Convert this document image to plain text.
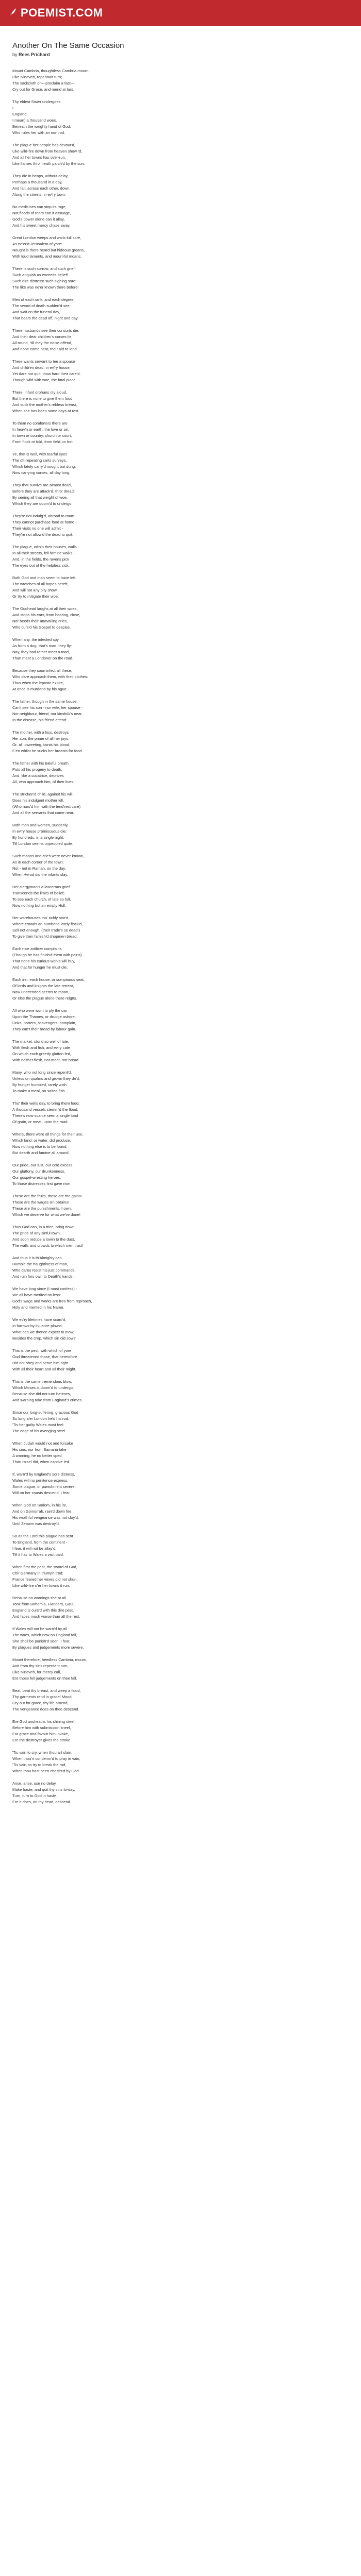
POEMIST.COM
Another On The Same Occasion
by Rees Prichard
Mount Cambria, thoughtless Cambria mourn,
Like Nineveh, repentant turn;
The sackcloth on—proclaim a fast—
Cry out for Grace, and mend at last.
Thy eldest Sister undergoes
I
England
I mean) a thousand woes.
Beneath the weighty hand of God,
Who rules her with an iron rod.
The plague her people has devour'd,
Like wild-fire down from heaven show'rd,
And all her towns has over-run,
Like flames thro' heath parch'd by the sun.
They die in heaps, without delay,
Perhaps a thousand in a day,
And fall, across each other, down,
Along the streets, in ev'ry town.
No medicines can stop its rage,
Not floods of tears can it assuage,
God's power alone can it allay,
And his sweet mercy chase away.
Great London weeps and wails full sore,
As ne'er'd Jerusalem of yore:
Nought is there heard but hideous groans,
With loud laments, and mournful moans.
There is such sorrow, and such grief!
Such anguish as exceeds belief!
Such dire distress! such sighing sore!
The like was ne'er known there before!
Men of each rank, and each degree,
The sword of death sudden'd see;
And wait on the funeral day,
That bears the dead off, night and day.
There husbands see their consorts die,
And their dear children's corses lie
All round, 'till they the noise offend,
And none come near, their aid to lend.
There wants servant to tee a spouse
And children dead, in ev'ry house;
Yet dare not quit, thow hard their care'd.
Though wild with woe, the fatal place.
There, infant orphans cry aloud,
But there is none to give them food,
And suck the mother's rebless breast,
When she has been some days at rest.
To them no comforters there are
In heav'n or earth; the love or air,
In town or country, church or court,
From flock or fold, from field, or fort.
Ye, that is well, with tearful eyes
The oft-repeating carts surveys,
Which lately carry'd nought but dung,
Now carrying corses, all day long.
They that survive are almost dead,
Before they are attack'd, thro' dread;
By seeing all that weight of woe,
Which they are doom'd to undergo.
They're not indulg'd, abroad to roam -
They cannot purchase food at home -
Their visits no one will admit -
They're not allow'd the dead to quit.
The plague, within their houses, walls -
In all their streets, fell famine walks -
And, in the fields, the ravens pick
The eyes out of the helpless sick.
Both God and man seem to have left
The wretches of all hopes bereft,
And will not any pity show,
Or try to mitigate their woe.
The Godhead laughs at all their woes,
And stops his ears, from hearing, close,
Nor heeds their unavailing cries,
Who curs'd his Gospel to despise.
When any, the infected spy,
As from a dog, that's mad, they fly:
Nay, they had rather meet a toad,
Than meet a Londoner on the road.
Because they soon infect all these,
Who dare approach them, with their clothes:
Thus when the leprotic expire,
At once is murder'd by his ague.
The father, though in the same house,
Can't see his son - nor wife, her spouse -
Nor neighbour, friend, nor kinsfolk's near,
In the disease, his friend attend.
The mother, with a kiss, destroys
Her son, the prime of all her joys,
Or, all unweeting, taints his blood,
E'en whilst he sucks her breasts for food.
The father with his baleful breath
Puts all his progeny to death,
And, like a cocatrice, deprives
All, who approach him, of their lives.
The stricken'd child, against his will,
Does his indulgent mother kill,
(Who nurs'd him with the tend'rest care)
And all the servants that come near.
Both men and women, suddenly,
In ev'ry house promiscuous die:
By hundreds, in a single night,
Till London seems unpeopled quite.
Such moans and cries were never known,
As in each corner of the town;
Not - not in Ramah, on the day,
When Herod did the infants slay.
Her clergyman's a lascerous grief
Transcends the limits of belief;
To see each church, of late so full,
Now nothing but an empty Hull.
Her warehouses tho' richly stor'd,
Where crowds an number'd lately flock'd,
Sell not enough, (their trade's so dead!)
To give their famish'd shopmen bread.
Each nice artificer complains
(Though he has finish'd them with pains)
That none his curious works will buy,
And that for hunger he must die.
Each inn, each house, or sumptuous seat,
Of lords and knights the late retreat,
Now unattended seems to moan,
Or else the plague alone there reigns.
All who were wont to ply the oar
Upon the Thames, or drudge ashore,
Links, porters, scavengers, complain,
They can't their bread by labour gain.
The market, stor'd so well of late,
With flesh and fish, and ev'ry cate
On which each greedy glutton fed,
With neither flesh, nor meat, nor bread.
Many, who not long since repent'd,
Unless on qualms and grown they dn'd;
By hunger humbled, rarely wish
To make a meal, on salted fish.
Tho' their wells day, to bring them food,
A thousand vessels stemm'd the flood;
There's now scarce seen a single load
Of grain, or meat, upon the road.
Where, there were all things for their use,
Which land, or water, did produce,
Now nothing else is to be found,
But dearth and famine all around.
Our pride, our lust, our cold excess,
Our gluttony, our drunkenness,
Our gospel-wresting heroes,
To those distresses first gave rise.
These are the fruits, these are the gains!
These are the wages sin obtains!
These are the punishments, I own,
Which we deserve for what we've done!
Thus God can, in a trice, bring down
The pride of any sinful town,
And soon reduce a lowin to the dust,
The walls and crowds to which men trust!
And thus it is th'Almighty can
Humble the haughtiness of man,
Who dares resist his just commands,
And ruin fors own to Death's hands.
We have long since (I must confess) -
We all have merited no less:
God's wage and works are free from reproach,
Holy and merited in his Name.
We ev'ry lifetimes have scarc'd,
In furrows by injustice plow'd;
What can we thence expect to mow,
Besides the crop, which sin did sow?
This is the pest, with which of yore
God threatened those, that heretofore
Did not obey and serve him right
With all their heart and all their might.
This is the same tremendous blow,
Which Moses is doom'd to undergo,
Because she did not turn betimes,
And warning take from England's crimes.
Since our long-suffering, gracious God
So long a'er London held his rod,
'Tis her guilty Wales must feel
The edge of his avenging steel.
When Judah would not and forsake
His sins, nor from Samaria take
A warning, he no better sped,
Than Israel did, when captive led.
If, warn'd by England's sore distress,
Wales will no penitence express,
Some plague, or punishment severe,
Will on her coasts descend, I fear.
When God on Sodom, in his ire,
And on Gomorrah, rain'd down fire,
His wrathful vengeance was not cloy'd,
Until Zeboim was destroy'd.
So as the Lord this plague has sent
To England, from the continent -
I fear, it will not be allay'd,
Till it has to Wales a visit paid.
When first the pest, the sword of God,
Chir Germany in triumph trod;
France feared her vexes did not shun,
Like wild-fire o'er her towns it run.
Because no warnings she at all
Took from Bohemia, Flanders, Gaul,
England is curs'd with this dire pest,
And faces much worse than all the rest.
If Wales will not be warn'd by all
The woes, which now on England fall,
She shall be punish'd soon, I fear,
By plagues and judgements more severe.
Mount therefore, heedless Cambria, mourn,
And from thy sins repentant turn,
Like Nineveh, for mercy call,
Ere those fell judgements on thee fall.
Beat, beat thy breast, and weep a flood,
Thy garments rend in grace! Mood,
Cry out for grace, thy life amend,
The vengeance does on thee descend.
Ere God unsheaths his shining steel,
Before him with submission kneel,
For grace and favour him invoke,
Ere the destroyer gives the stroke.
'Tis vain to cry, when thou art slain,
When thou'rt condemn'd to pray in vain,
'Tis vain, to try to break the rod,
When thou hast been chastis'd by God.
Arise, arise, use no delay,
Make haste, and quit thy sins to-day,
Turn, turn to God in haste,
Ere it does, on thy head, descend.
